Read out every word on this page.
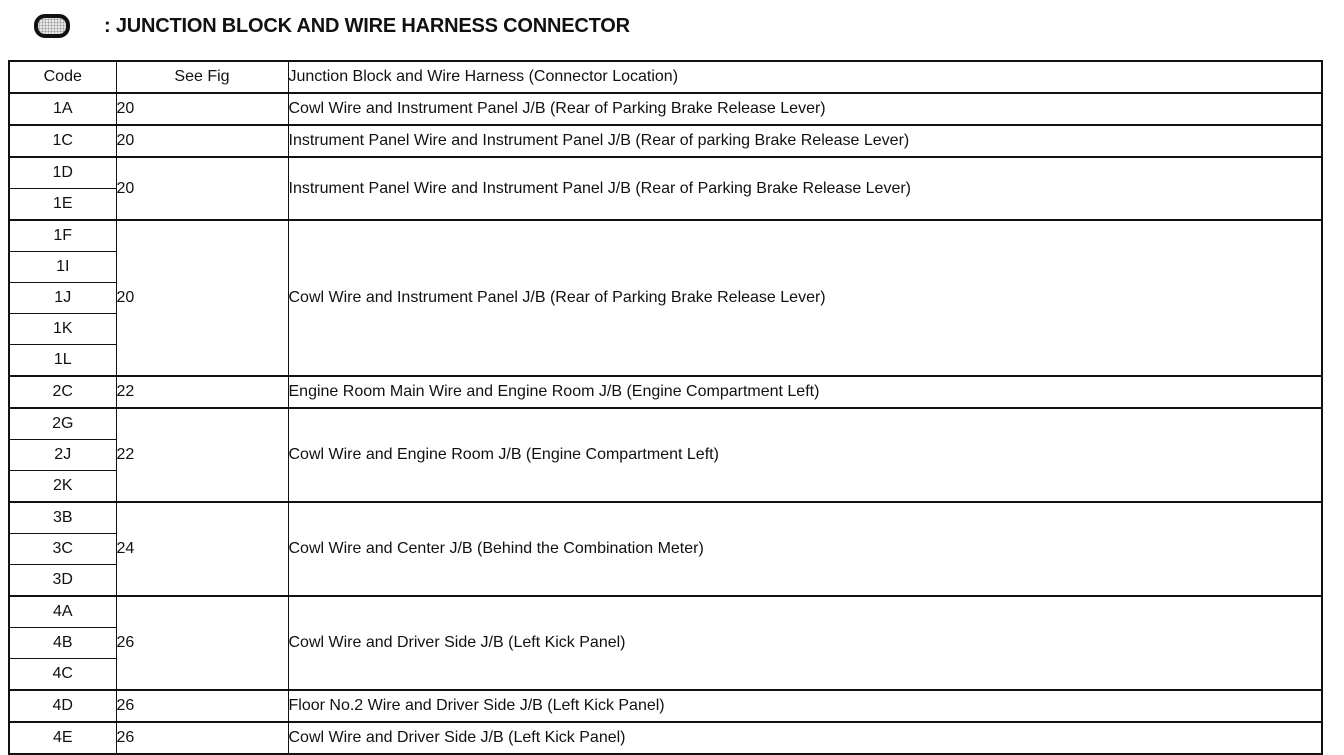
: JUNCTION BLOCK AND WIRE HARNESS CONNECTOR
Code	See Fig	Junction Block and Wire Harness (Connector Location)
1A	20	Cowl Wire and Instrument Panel J/B (Rear of Parking Brake Release Lever)
1C	20	Instrument Panel Wire and Instrument Panel J/B (Rear of parking Brake Release Lever)
1D	20	Instrument Panel Wire and Instrument Panel J/B (Rear of Parking Brake Release Lever)
1E		
1F	20	Cowl Wire and Instrument Panel J/B (Rear of Parking Brake Release Lever)
1I		
1J		
1K		
1L		
2C	22	Engine Room Main Wire and Engine Room J/B (Engine Compartment Left)
2G	22	Cowl Wire and Engine Room J/B (Engine Compartment Left)
2J		
2K		
3B	24	Cowl Wire and Center J/B (Behind the Combination Meter)
3C		
3D		
4A	26	Cowl Wire and Driver Side J/B (Left Kick Panel)
4B		
4C		
4D	26	Floor No.2 Wire and Driver Side J/B (Left Kick Panel)
4E	26	Cowl Wire and Driver Side J/B (Left Kick Panel)
